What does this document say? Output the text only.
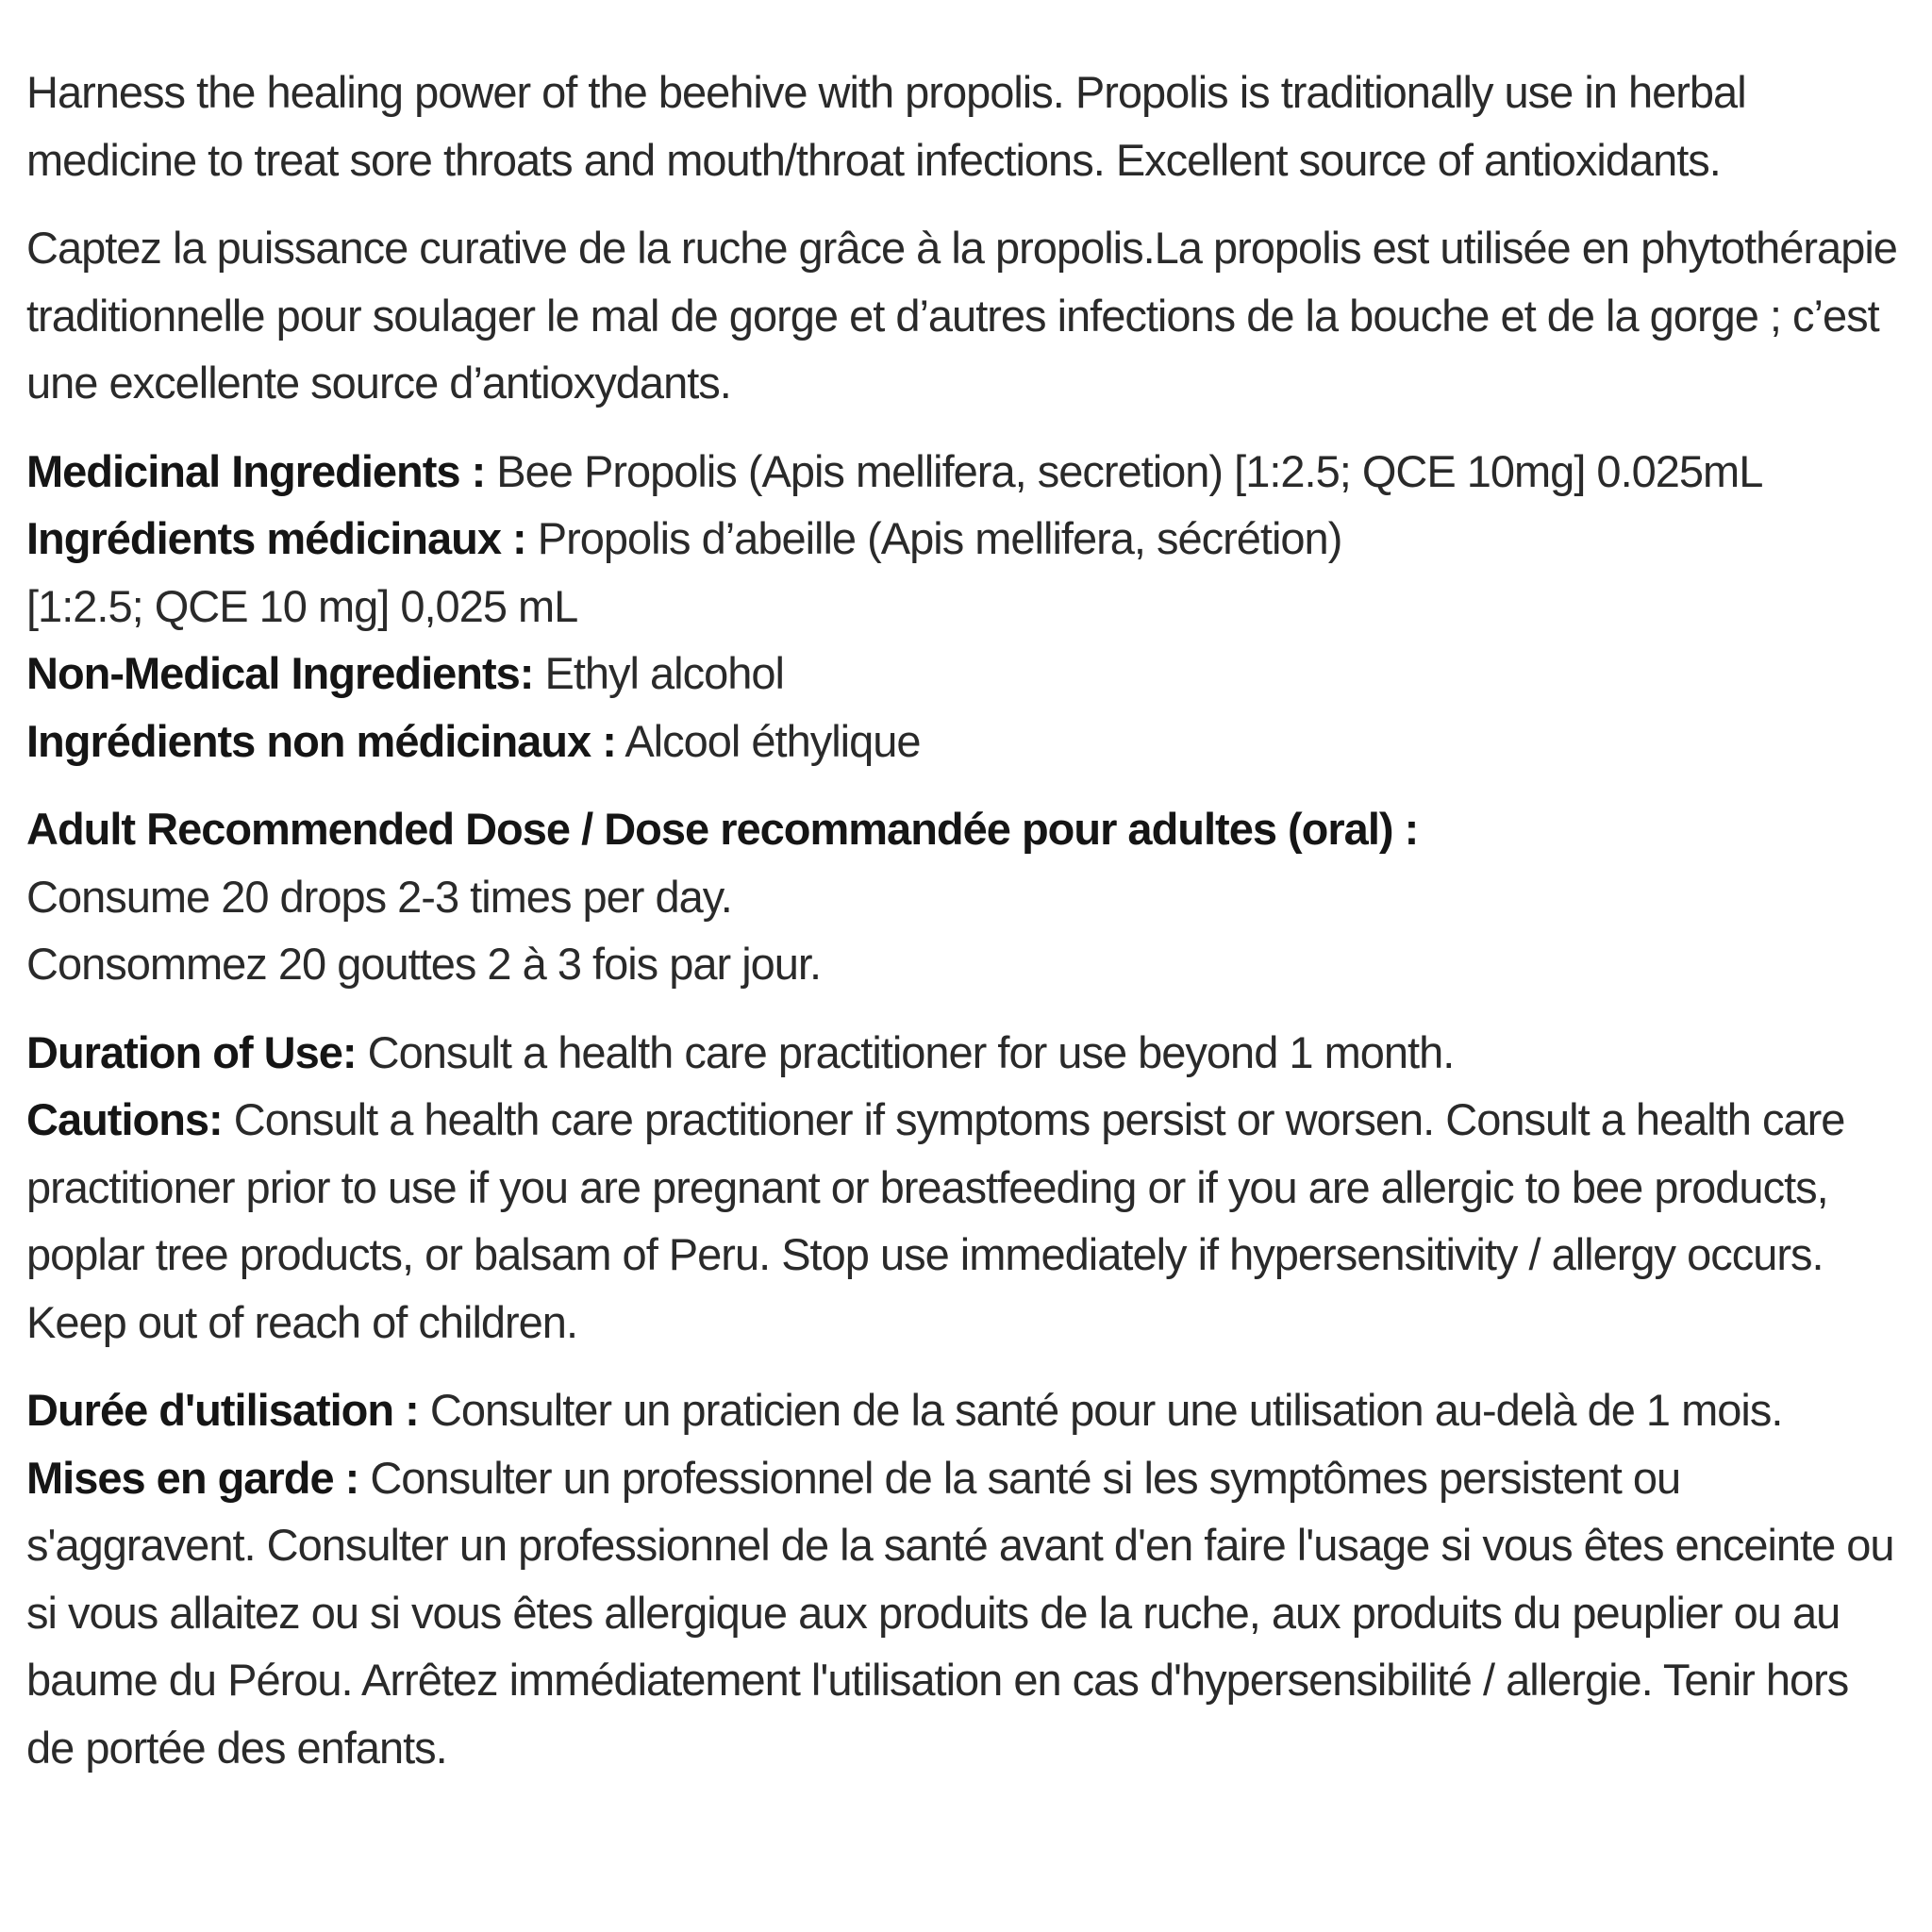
Harness the healing power of the beehive with propolis. Propolis is traditionally use in herbal
medicine to treat sore throats and mouth/throat infections. Excellent source of antioxidants.
Captez la puissance curative de la ruche grâce à la propolis.La propolis est utilisée en phytothérapie
traditionnelle pour soulager le mal de gorge et d’autres infections de la bouche et de la gorge ; c’est
une excellente source d’antioxydants.
Medicinal Ingredients : Bee Propolis (Apis mellifera, secretion) [1:2.5; QCE 10mg] 0.025mL
Ingrédients médicinaux : Propolis d’abeille (Apis mellifera, sécrétion)
[1:2.5; QCE 10 mg] 0,025 mL
Non-Medical Ingredients: Ethyl alcohol
Ingrédients non médicinaux : Alcool éthylique
Adult Recommended Dose / Dose recommandée pour adultes (oral) :
Consume 20 drops 2-3 times per day.
Consommez 20 gouttes 2 à 3 fois par jour.
Duration of Use: Consult a health care practitioner for use beyond 1 month.
Cautions: Consult a health care practitioner if symptoms persist or worsen. Consult a health care
practitioner prior to use if you are pregnant or breastfeeding or if you are allergic to bee products,
poplar tree products, or balsam of Peru. Stop use immediately if hypersensitivity / allergy occurs.
Keep out of reach of children.
Durée d'utilisation : Consulter un praticien de la santé pour une utilisation au-delà de 1 mois.
Mises en garde : Consulter un professionnel de la santé si les symptômes persistent ou
s'aggravent. Consulter un professionnel de la santé avant d'en faire l'usage si vous êtes enceinte ou
si vous allaitez ou si vous êtes allergique aux produits de la ruche, aux produits du peuplier ou au
baume du Pérou. Arrêtez immédiatement l'utilisation en cas d'hypersensibilité / allergie. Tenir hors
de portée des enfants.
